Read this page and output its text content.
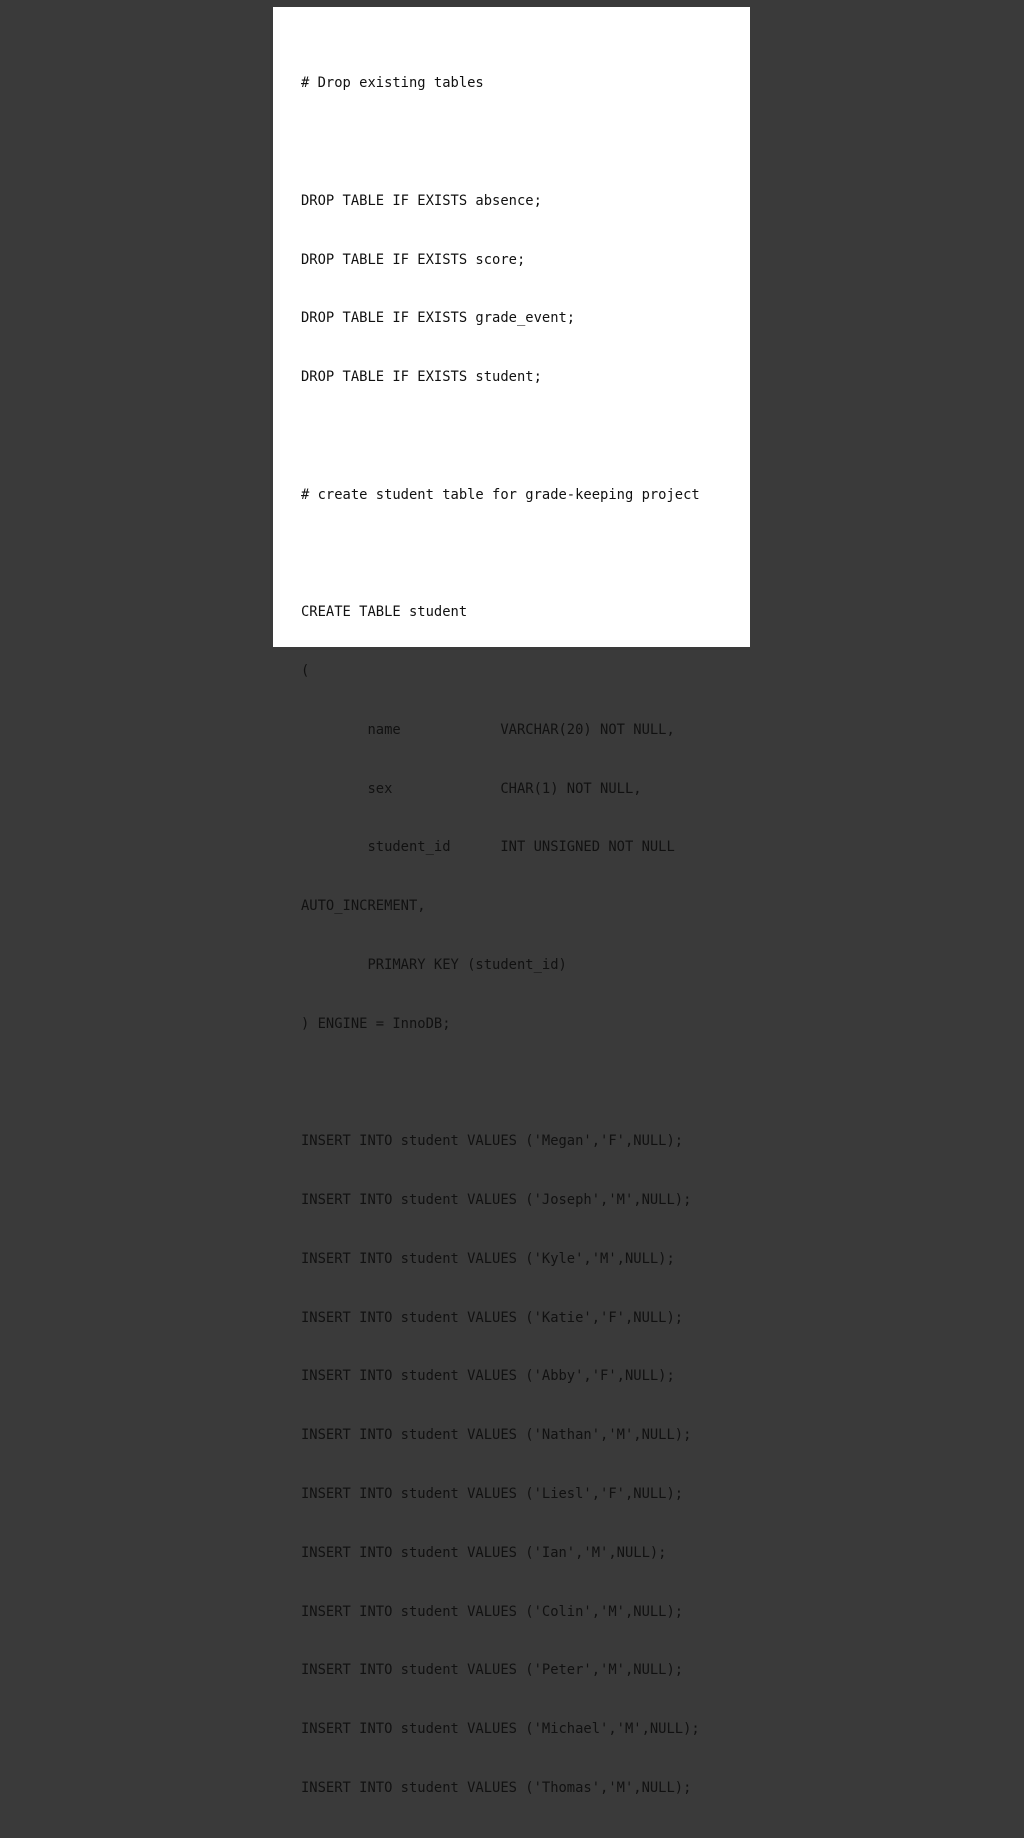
# Drop existing tables

DROP TABLE IF EXISTS absence;

DROP TABLE IF EXISTS score;

DROP TABLE IF EXISTS grade_event;

DROP TABLE IF EXISTS student;

# create student table for grade-keeping project

CREATE TABLE student

(

name            VARCHAR(20) NOT NULL,

sex             CHAR(1) NOT NULL,

student_id      INT UNSIGNED NOT NULL

AUTO_INCREMENT,

PRIMARY KEY (student_id)

) ENGINE = InnoDB;

INSERT INTO student VALUES ('Megan','F',NULL);

INSERT INTO student VALUES ('Joseph','M',NULL);

INSERT INTO student VALUES ('Kyle','M',NULL);

INSERT INTO student VALUES ('Katie','F',NULL);

INSERT INTO student VALUES ('Abby','F',NULL);

INSERT INTO student VALUES ('Nathan','M',NULL);

INSERT INTO student VALUES ('Liesl','F',NULL);

INSERT INTO student VALUES ('Ian','M',NULL);

INSERT INTO student VALUES ('Colin','M',NULL);

INSERT INTO student VALUES ('Peter','M',NULL);

INSERT INTO student VALUES ('Michael','M',NULL);

INSERT INTO student VALUES ('Thomas','M',NULL);
